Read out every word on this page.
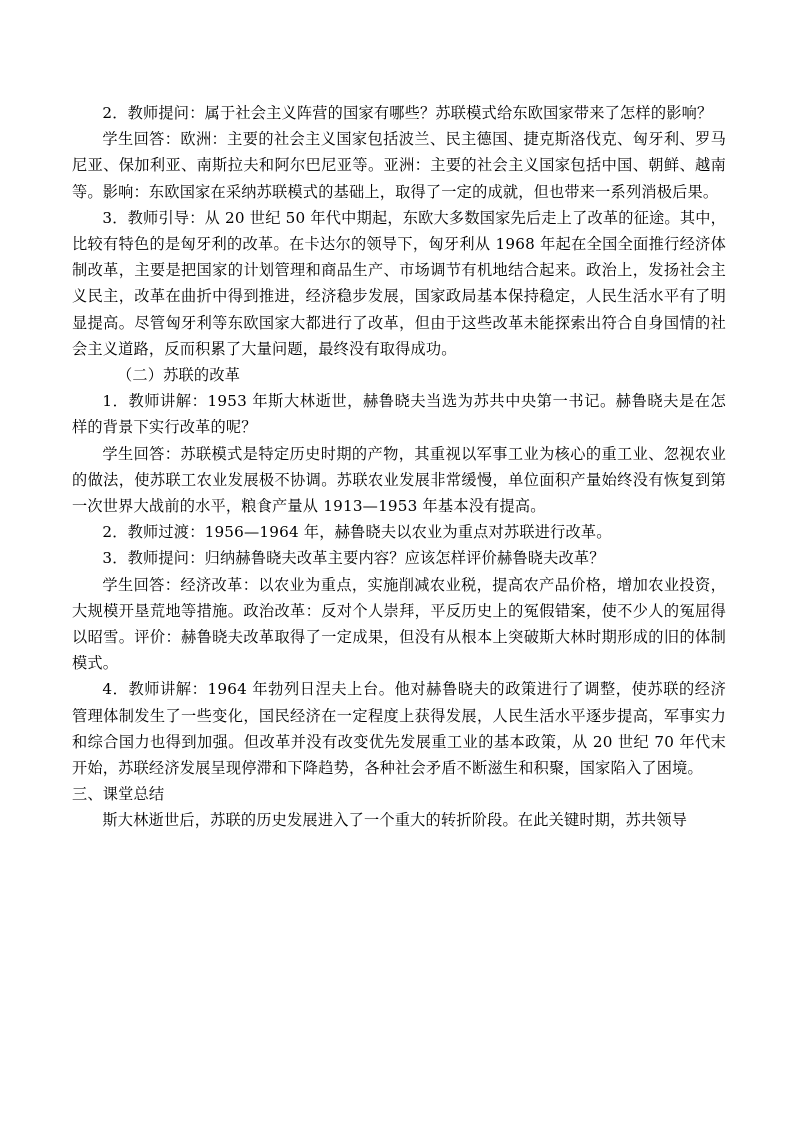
2．教师提问：属于社会主义阵营的国家有哪些？苏联模式给东欧国家带来了怎样的影响？

学生回答：欧洲：主要的社会主义国家包括波兰、民主德国、捷克斯洛伐克、匈牙利、罗马尼亚、保加利亚、南斯拉夫和阿尔巴尼亚等。亚洲：主要的社会主义国家包括中国、朝鲜、越南等。影响：东欧国家在采纳苏联模式的基础上，取得了一定的成就，但也带来一系列消极后果。

3．教师引导：从 20 世纪 50 年代中期起，东欧大多数国家先后走上了改革的征途。其中，比较有特色的是匈牙利的改革。在卡达尔的领导下，匈牙利从 1968 年起在全国全面推行经济体制改革，主要是把国家的计划管理和商品生产、市场调节有机地结合起来。政治上，发扬社会主义民主，改革在曲折中得到推进，经济稳步发展，国家政局基本保持稳定，人民生活水平有了明显提高。尽管匈牙利等东欧国家大都进行了改革，但由于这些改革未能探索出符合自身国情的社会主义道路，反而积累了大量问题，最终没有取得成功。

（二）苏联的改革

1．教师讲解：1953 年斯大林逝世，赫鲁晓夫当选为苏共中央第一书记。赫鲁晓夫是在怎样的背景下实行改革的呢？

学生回答：苏联模式是特定历史时期的产物，其重视以军事工业为核心的重工业、忽视农业的做法，使苏联工农业发展极不协调。苏联农业发展非常缓慢，单位面积产量始终没有恢复到第一次世界大战前的水平，粮食产量从 1913—1953 年基本没有提高。

2．教师过渡：1956—1964 年，赫鲁晓夫以农业为重点对苏联进行改革。

3．教师提问：归纳赫鲁晓夫改革主要内容？应该怎样评价赫鲁晓夫改革？

学生回答：经济改革：以农业为重点，实施削减农业税，提高农产品价格，增加农业投资，大规模开垦荒地等措施。政治改革：反对个人崇拜，平反历史上的冤假错案，使不少人的冤屈得以昭雪。评价：赫鲁晓夫改革取得了一定成果，但没有从根本上突破斯大林时期形成的旧的体制模式。

4．教师讲解：1964 年勃列日涅夫上台。他对赫鲁晓夫的政策进行了调整，使苏联的经济管理体制发生了一些变化，国民经济在一定程度上获得发展，人民生活水平逐步提高，军事实力和综合国力也得到加强。但改革并没有改变优先发展重工业的基本政策，从 20 世纪 70 年代末开始，苏联经济发展呈现停滞和下降趋势，各种社会矛盾不断滋生和积聚，国家陷入了困境。

三、课堂总结

斯大林逝世后，苏联的历史发展进入了一个重大的转折阶段。在此关键时期，苏共领导
